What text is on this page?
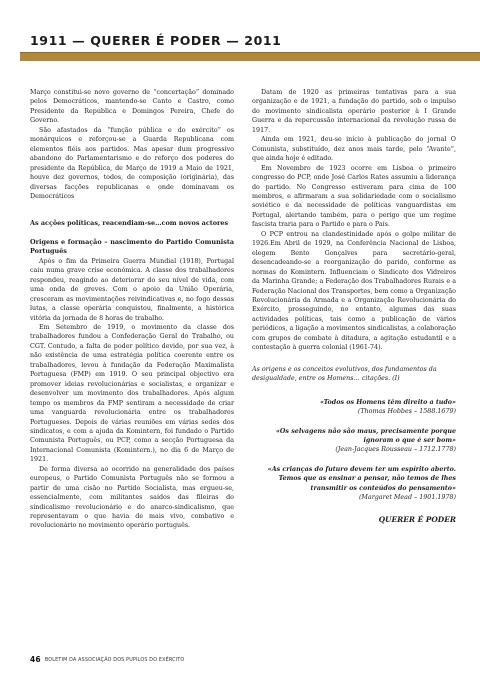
1911 — QUERER É PODER — 2011

Março constitui-se novo governo de “concertação” dominado pelos Democráticos, mantendo-se Canto e Castro, como Presidente da República e Domingos Pereira, Chefe do Governo.

São afastados da “função pública e do exército” os monárquicos e reforçou-se a Guarda Republicana com elementos fiéis aos partidos. Mas apesar dum progressivo abandono do Parlamentarismo e do reforço dos poderes do presidente da República, de Março de 1919 a Maio de 1921, houve dez governos, todos, de composição (originária), das diversas facções republicanas e onde dominavam os Democráticos

As acções políticas, reacendiam-se…com novos actores
Origens e formação – nascimento do Partido Comunista Português

Após o fim da Primeira Guerra Mundial (1918), Portugal caiu numa grave crise económica. A classe dos trabalhadores respondeu, reagindo ao deteriorar do seu nível de vida, com uma onda de greves. Com o apoio da União Operária, cresceram as movimentações reivindicativas e, no fogo dessas lutas, a classe operária conquistou, finalmente, a histórica vitória da jornada de 8 horas de trabalho.

Em Setembro de 1919, o movimento da classe dos trabalhadores fundou a Confederação Geral do Trabalho, ou CGT. Contudo, a falta de poder político devido, por sua vez, à não existência de uma estratégia política coerente entre os trabalhadores, levou à fundação da Federação Maximalista Portuguesa (FMP) em 1919. O seu principal objectivo era promover ideias revolucionárias e socialistas, e organizar e desenvolver um movimento dos trabalhadores. Após algum tempo os membros da FMP sentiram a necessidade de criar uma vanguarda revolucionária entre os trabalhadores Portugueses. Depois de várias reuniões em várias sedes dos sindicatos, e com a ajuda da Komintern, foi fundado o Partido Comunista Português, ou PCP, como a secção Portuguesa da Internacional Comunista (Komintern.), no dia 6 de Março de 1921.

De forma diversa ao ocorrido na generalidade dos países europeus, o Partido Comunista Português não se formou a partir de uma cisão no Partido Socialista, mas ergueu-se, essencialmente, com militantes saídos das fileiras do sindicalismo revolucionário e do anarco-sindicalismo, que representavam o que havia de mais vivo, combativo e revolucionário no movimento operário português.

Datam de 1920 as primeiras tentativas para a sua organização e de 1921, a fundação do partido, sob o impulso do movimento sindicalista operário posterior à I Grande Guerra e da repercussão internacional da revolução russa de 1917.

Ainda em 1921, deu-se início à publicação do jornal O Comunista, substituído, dez anos mais tarde, pelo “Avante”, que ainda hoje é editado.

Em Novembro de 1923 ocorre em Lisboa o primeiro congresso do PCP, onde José Carlos Rates assumiu a liderança do partido. No Congresso estiveram para cima de 100 membros, e afirmaram a sua solidariedade com o socialismo soviético e da necessidade de políticas vanguardistas em Portugal, alertando também, para o perigo que um regime fascista traria para o Partido e para o País.

O PCP entrou na clandestinidade após o golpe militar de 1926.Em Abril de 1929, na Conferência Nacional de Lisboa, elegem Bento Gonçalves para secretário-geral, desencadeando-se a reorganização do parido, conforme as normas do Komintern. Influenciam o Sindicato dos Vidreiros da Marinha Grande; a Federação dos Trabalhadores Rurais e a Federação Nacional dos Transportes, bem como a Organização Revolucionária da Armada e a Organização Revolucionária do Exército, prosseguindo, no entanto, algumas das suas actividades políticas, tais como a publicação de vários periódicos, a ligação a movimentos sindicalistas, a colaboração com grupos de combate à ditadura, a agitação estudantil e a contestação à guerra colonial (1961-74).

As origens e os conceitos evolutivos, dos fundamentos da desigualdade, entre os Homens… citações. (I)

«Todos os Homens têm direito a tudo»
(Thomas Hobbes – 1588.1679)
«Os selvagens não são maus, precisamente porque ignoram o que é ser bom»
(Jean-Jacques Rousseau – 1712.1778)
«As crianças do futuro devem ter um espírito aberto. Temos que as ensinar a pensar, não temos de lhes transmitir os conteúdos do pensamento»
(Margaret Mead – 1901.1978)
QUERER É PODER
46 BOLETIM DA ASSOCIAÇÃO DOS PUPILOS DO EXÉRCITO
